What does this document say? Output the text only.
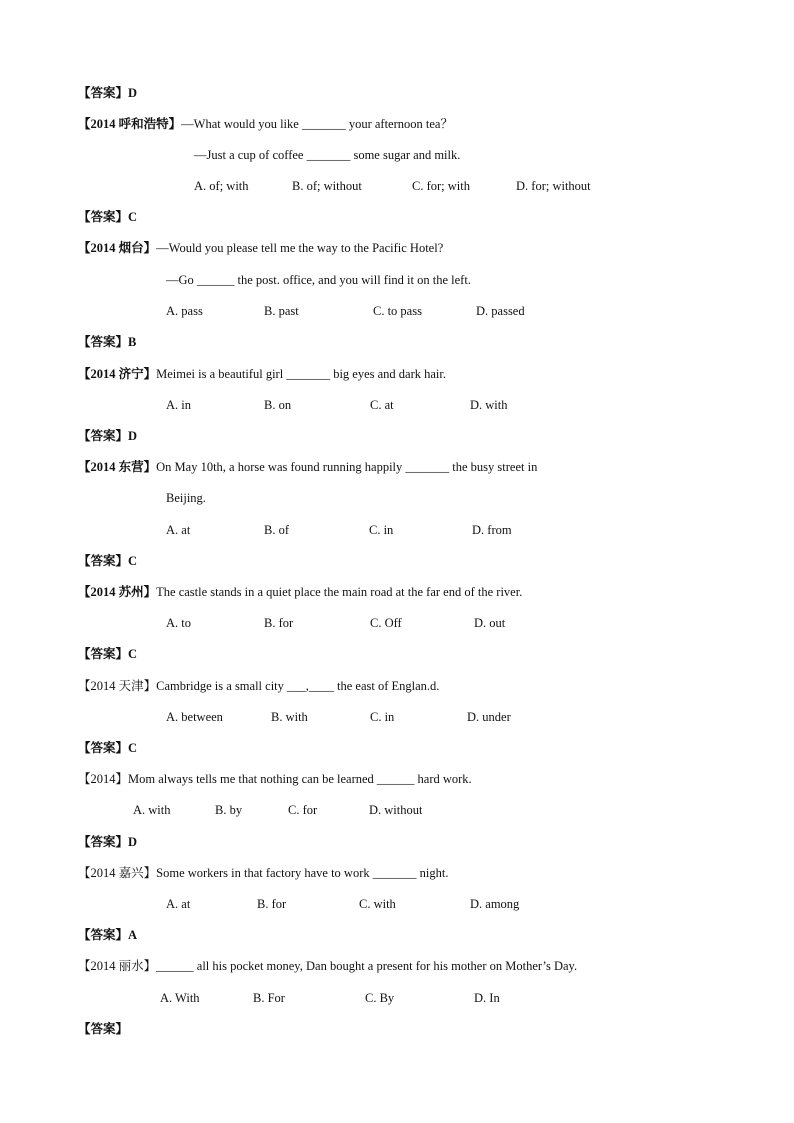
【答案】D
【2014 呼和浩特】—What would you like _______ your afternoon tea？
—Just a cup of coffee _______ some sugar and milk.
A. of; with	B. of; without	C. for; with	D. for; without
【答案】C
【2014 烟台】—Would you please tell me the way to the Pacific Hotel?
—Go ______ the post. office, and you will find it on the left.
A. pass	B. past	C. to pass	D. passed
【答案】B
【2014 济宁】Meimei is a beautiful girl _______ big eyes and dark hair.
A. in	B. on	C. at	D. with
【答案】D
【2014 东营】On May 10th, a horse was found running happily _______ the busy street in
Beijing.
A. at	B. of	C. in	D. from
【答案】C
【2014 苏州】The castle stands in a quiet place the main road at the far end of the river.
A. to	B. for	C. Off	D. out
【答案】C
【2014 天津】Cambridge is a small city ___,____ the east of Englan.d.
A. between	B. with	C. in	D. under
【答案】C
【2014】Mom always tells me that nothing can be learned ______ hard work.
A. with	B. by	C. for	D. without
【答案】D
【2014 嘉兴】Some workers in that factory have to work _______ night.
A. at	B. for	C. with	D. among
【答案】A
【2014 丽水】______ all his pocket money, Dan bought a present for his mother on Mother’s Day.
A. With	B. For	C. By	D. In
【答案】
